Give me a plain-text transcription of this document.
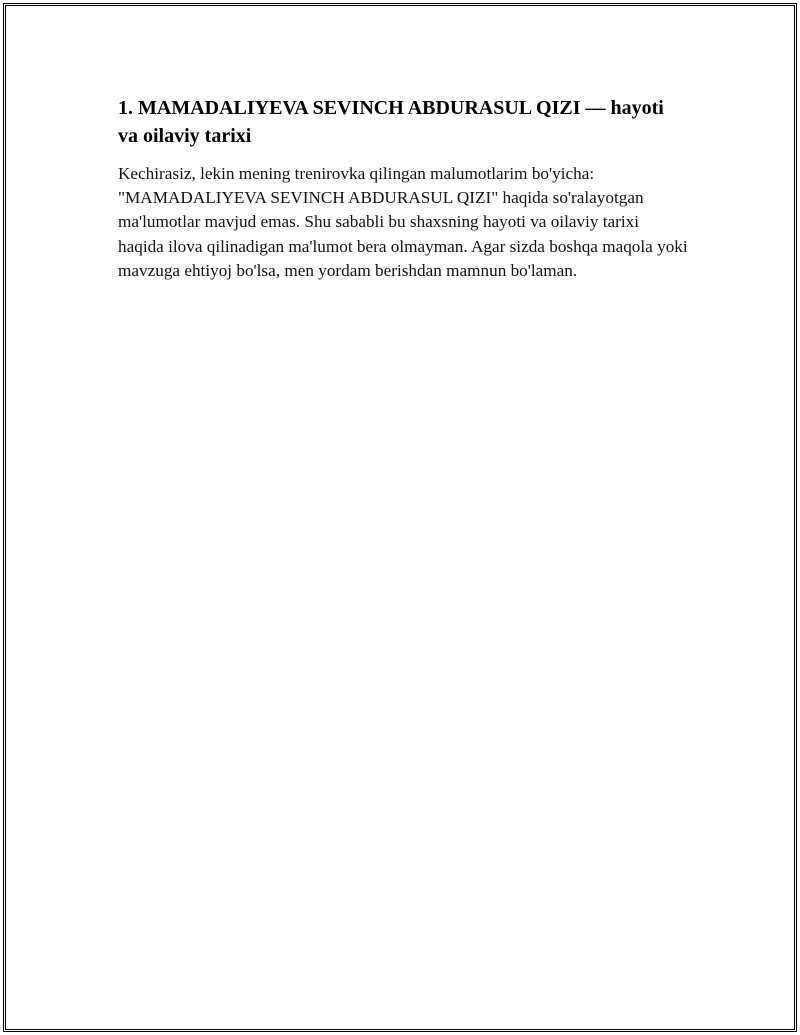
1. MAMADALIYEVA SEVINCH ABDURASUL QIZI — hayoti va oilaviy tarixi

Kechirasiz, lekin mening trenirovka qilingan malumotlarim bo'yicha: "MAMADALIYEVA SEVINCH ABDURASUL QIZI" haqida so'ralayotgan ma'lumotlar mavjud emas. Shu sababli bu shaxsning hayoti va oilaviy tarixi haqida ilova qilinadigan ma'lumot bera olmayman. Agar sizda boshqa maqola yoki mavzuga ehtiyoj bo'lsa, men yordam berishdan mamnun bo'laman.
